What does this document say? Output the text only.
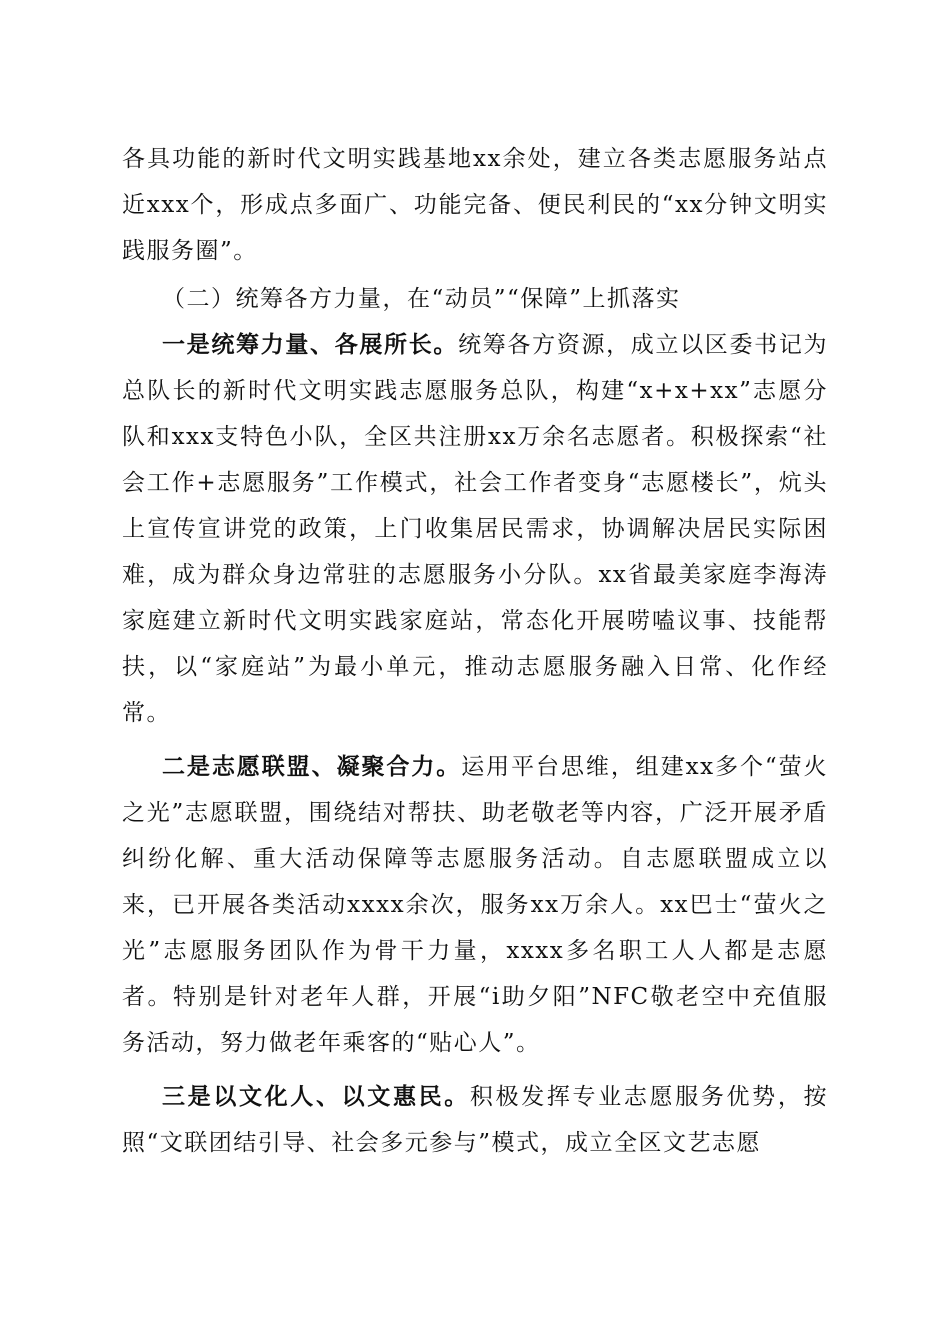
各具功能的新时代文明实践基地xx余处，建立各类志愿服务站点近xxx个，形成点多面广、功能完备、便民利民的“xx分钟文明实践服务圈”。

（二）统筹各方力量，在“动员”“保障”上抓落实

一是统筹力量、各展所长。统筹各方资源，成立以区委书记为总队长的新时代文明实践志愿服务总队，构建“x+x+xx”志愿分队和xxx支特色小队，全区共注册xx万余名志愿者。积极探索“社会工作+志愿服务”工作模式，社会工作者变身“志愿楼长”，炕头上宣传宣讲党的政策，上门收集居民需求，协调解决居民实际困难，成为群众身边常驻的志愿服务小分队。xx省最美家庭李海涛家庭建立新时代文明实践家庭站，常态化开展唠嗑议事、技能帮扶，以“家庭站”为最小单元，推动志愿服务融入日常、化作经常。

二是志愿联盟、凝聚合力。运用平台思维，组建xx多个“萤火之光”志愿联盟，围绕结对帮扶、助老敬老等内容，广泛开展矛盾纠纷化解、重大活动保障等志愿服务活动。自志愿联盟成立以来，已开展各类活动xxxx余次，服务xx万余人。xx巴士“萤火之光”志愿服务团队作为骨干力量，xxxx多名职工人人都是志愿者。特别是针对老年人群，开展“i助夕阳”NFC敬老空中充值服务活动，努力做老年乘客的“贴心人”。

三是以文化人、以文惠民。积极发挥专业志愿服务优势，按照“文联团结引导、社会多元参与”模式，成立全区文艺志愿
